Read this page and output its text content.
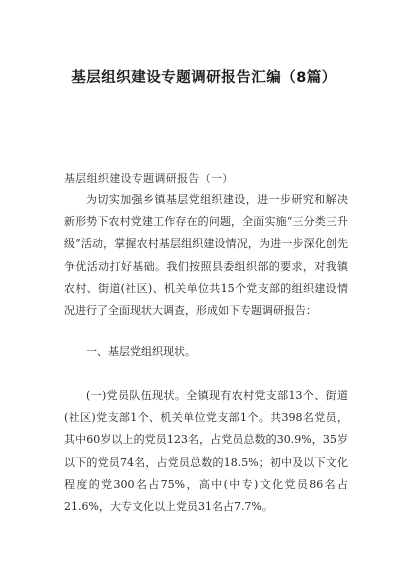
基层组织建设专题调研报告汇编（8篇）

基层组织建设专题调研报告（一）

为切实加强乡镇基层党组织建设，进一步研究和解决新形势下农村党建工作存在的问题，全面实施“三分类三升级”活动，掌握农村基层组织建设情况，为进一步深化创先争优活动打好基础。我们按照县委组织部的要求，对我镇农村、街道(社区)、机关单位共15个党支部的组织建设情况进行了全面现状大调查，形成如下专题调研报告：

一、基层党组织现状。

(一)党员队伍现状。全镇现有农村党支部13个、街道(社区)党支部1个、机关单位党支部1个。共398名党员，其中60岁以上的党员123名，占党员总数的30.9%，35岁以下的党员74名，占党员总数的18.5%；初中及以下文化程度的党300名占75%，高中(中专)文化党员86名占21.6%，大专文化以上党员31名占7.7%。
